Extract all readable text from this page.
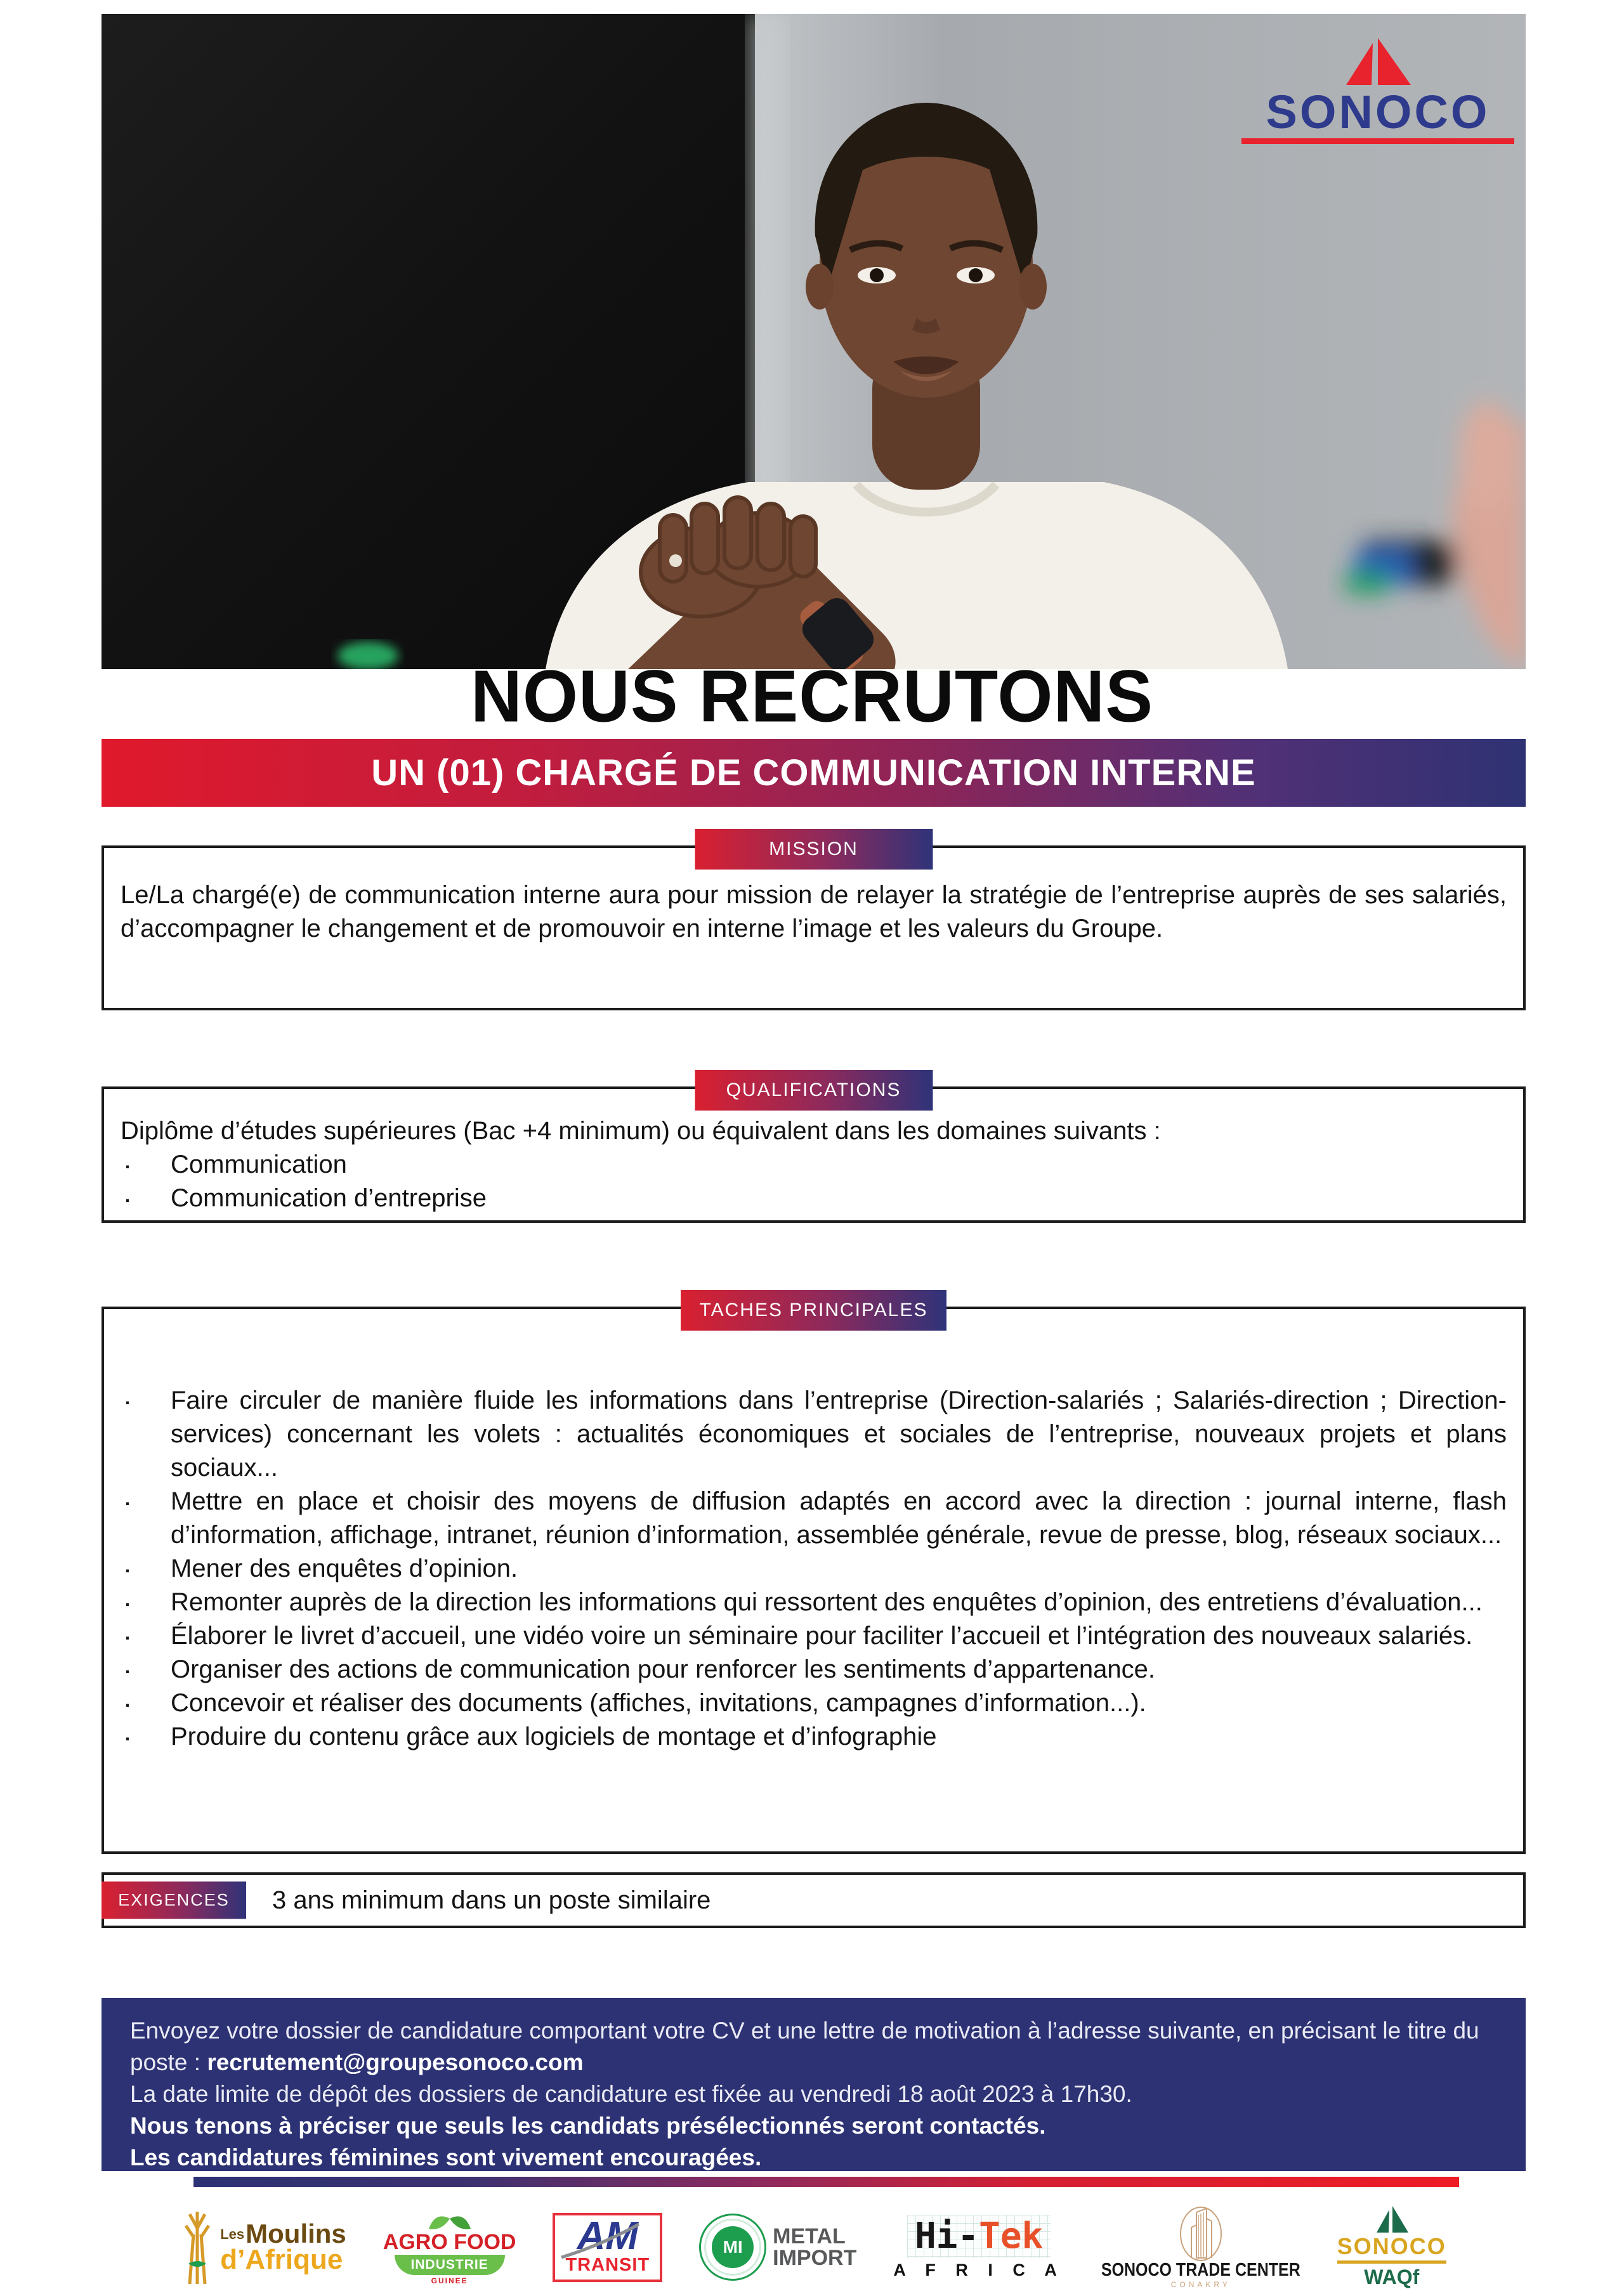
SONOCO
NOUS RECRUTONS
UN (01) CHARGÉ DE COMMUNICATION INTERNE
MISSION
Le/La chargé(e) de communication interne aura pour mission de relayer la stratégie de l’entreprise auprès de ses salariés, d’accompagner le changement et de promouvoir en interne l’image et les valeurs du Groupe.
QUALIFICATIONS
Diplôme d’études supérieures (Bac +4 minimum) ou équivalent dans les domaines suivants :
· Communication
· Communication d’entreprise
TACHES PRINCIPALES
· Faire circuler de manière fluide les informations dans l’entreprise (Direction-salariés ; Salariés-direction ; Direction-services) concernant les volets : actualités économiques et sociales de l’entreprise, nouveaux projets et plans sociaux...
· Mettre en place et choisir des moyens de diffusion adaptés en accord avec la direction : journal interne, flash d’information, affichage, intranet, réunion d’information, assemblée générale, revue de presse, blog, réseaux sociaux...
· Mener des enquêtes d’opinion.
· Remonter auprès de la direction les informations qui ressortent des enquêtes d’opinion, des entretiens d’évaluation...
· Élaborer le livret d’accueil, une vidéo voire un séminaire pour faciliter l’accueil et l’intégration des nouveaux salariés.
· Organiser des actions de communication pour renforcer les sentiments d’appartenance.
· Concevoir et réaliser des documents (affiches, invitations, campagnes d’information...).
· Produire du contenu grâce aux logiciels de montage et d’infographie
EXIGENCES	3 ans minimum dans un poste similaire
Envoyez votre dossier de candidature comportant votre CV et une lettre de motivation à l’adresse suivante, en précisant le titre du poste : recrutement@groupesonoco.com
La date limite de dépôt des dossiers de candidature est fixée au vendredi 18 août 2023 à 17h30.
Nous tenons à préciser que seuls les candidats présélectionnés seront contactés.
Les candidatures féminines sont vivement encouragées.
LesMoulins
d’Afrique
AGRO FOOD
INDUSTRIE
GUINEE
AM
TRANSIT
MI	METAL
IMPORT
Hi-Tek
A F R I C A SONOCO TRADE CENTER
CONAKRY
SONOCO
WAQf
